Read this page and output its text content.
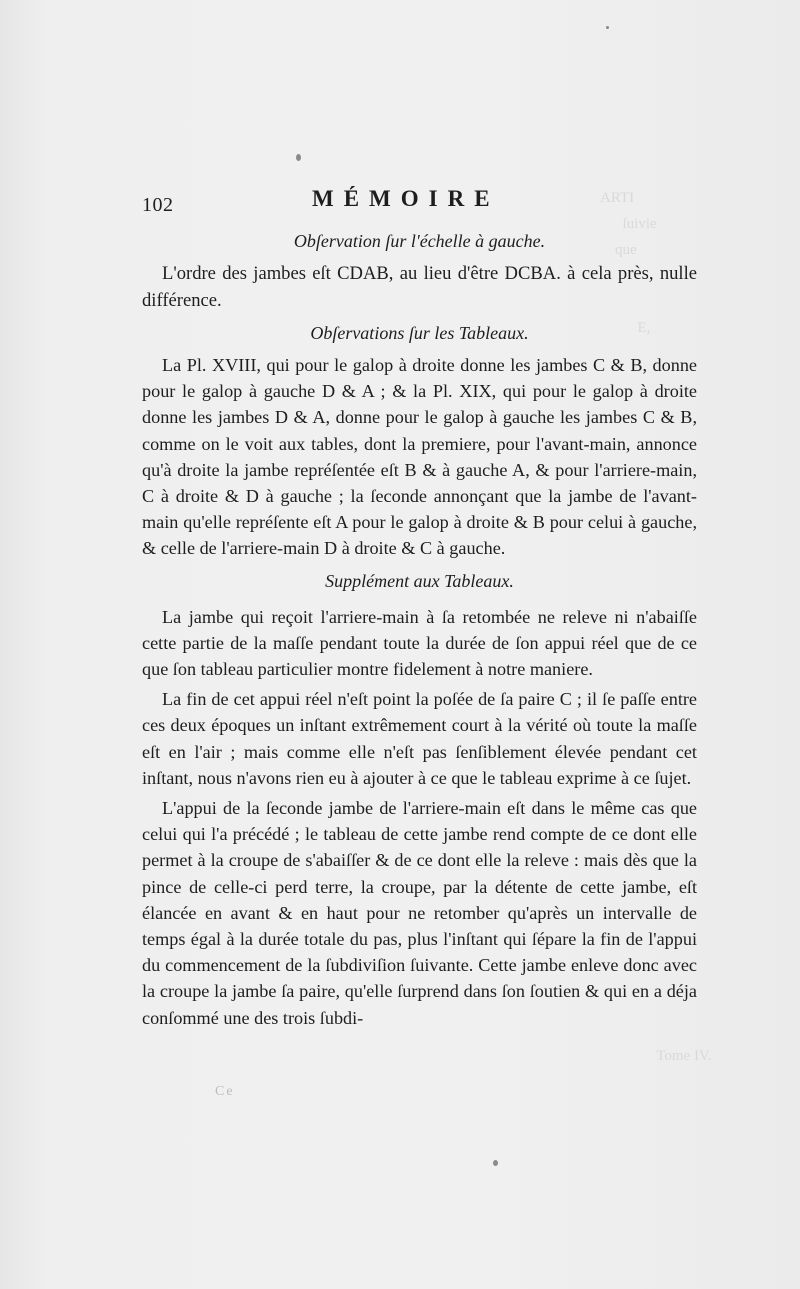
ARTI
ſuivie
que

E,

Tome IV.
102	MÉMOIRE
Obſervation ſur l'échelle à gauche.

L'ordre des jambes eſt CDAB, au lieu d'être DCBA. à cela près, nulle différence.

Obſervations ſur les Tableaux.

La Pl. XVIII, qui pour le galop à droite donne les jambes C & B, donne pour le galop à gauche D & A ; & la Pl. XIX, qui pour le galop à droite donne les jambes D & A, donne pour le galop à gauche les jambes C & B, comme on le voit aux tables, dont la premiere, pour l'avant-main, annonce qu'à droite la jambe repréſentée eſt B & à gauche A, & pour l'arriere-main, C à droite & D à gauche ; la ſeconde annonçant que la jambe de l'avant-main qu'elle repréſente eſt A pour le galop à droite & B pour celui à gauche, & celle de l'arriere-main D à droite & C à gauche.

Supplément aux Tableaux.

La jambe qui reçoit l'arriere-main à ſa retombée ne releve ni n'abaiſſe cette partie de la maſſe pendant toute la durée de ſon appui réel que de ce que ſon tableau particulier montre fidelement à notre maniere.

La fin de cet appui réel n'eſt point la poſée de ſa paire C ; il ſe paſſe entre ces deux époques un inſtant extrêmement court à la vérité où toute la maſſe eſt en l'air ; mais comme elle n'eſt pas ſenſiblement élevée pendant cet inſtant, nous n'avons rien eu à ajouter à ce que le tableau exprime à ce ſujet.

L'appui de la ſeconde jambe de l'arriere-main eſt dans le même cas que celui qui l'a précédé ; le tableau de cette jambe rend compte de ce dont elle permet à la croupe de s'abaiſſer & de ce dont elle la releve : mais dès que la pince de celle-ci perd terre, la croupe, par la détente de cette jambe, eſt élancée en avant & en haut pour ne retomber qu'après un intervalle de temps égal à la durée totale du pas, plus l'inſtant qui ſépare la fin de l'appui du commencement de la ſubdiviſion ſuivante. Cette jambe enleve donc avec la croupe la jambe ſa paire, qu'elle ſurprend dans ſon ſoutien & qui en a déja conſommé une des trois ſubdi-

Ce
